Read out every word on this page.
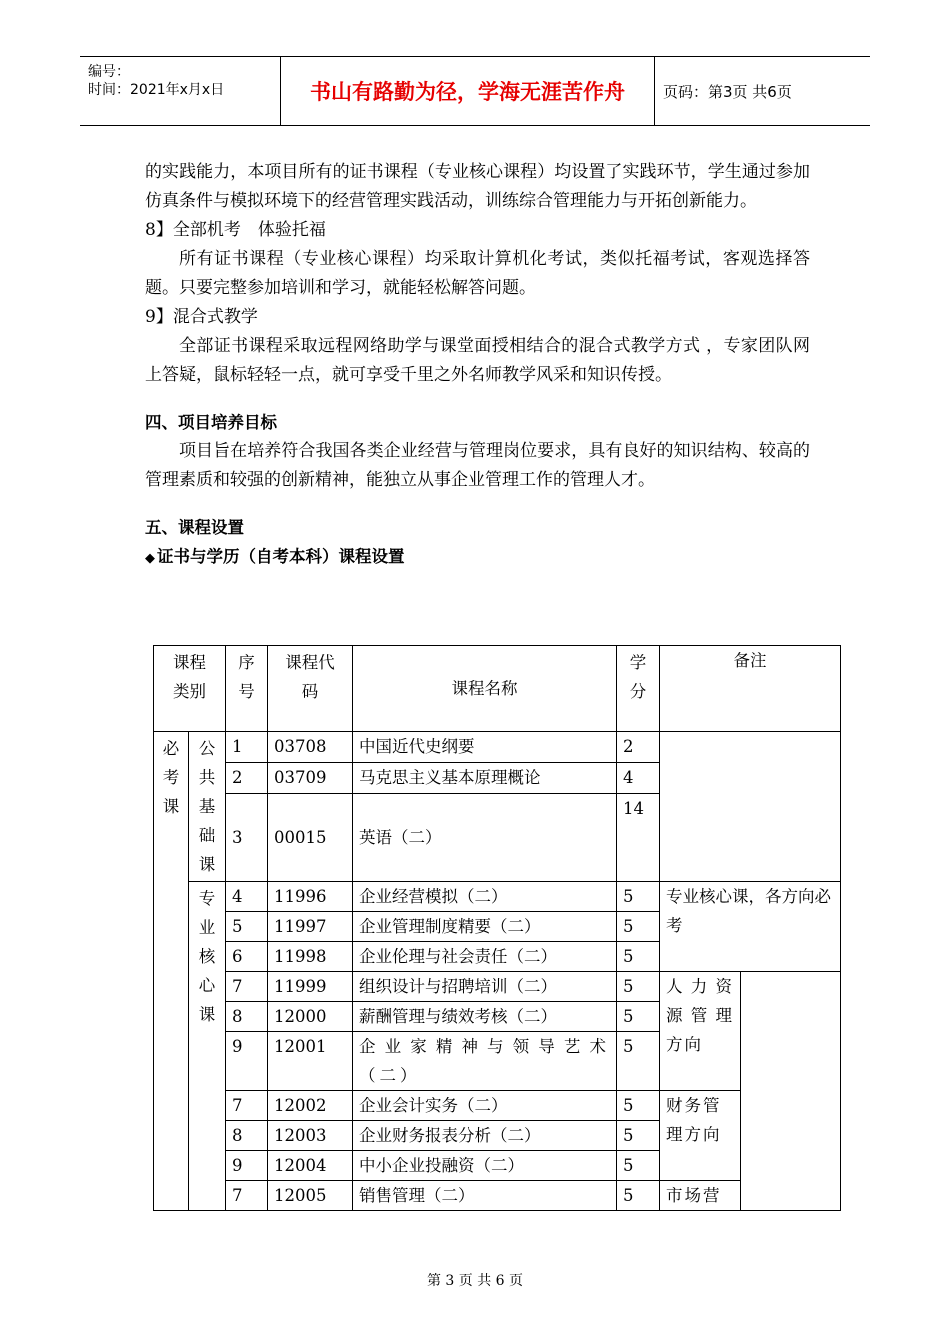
编号：
时间：2021年x月x日	书山有路勤为径，学海无涯苦作舟	页码：第3页 共6页

的实践能力，本项目所有的证书课程（专业核心课程）均设置了实践环节，学生通过参加仿真条件与模拟环境下的经营管理实践活动，训练综合管理能力与开拓创新能力。

8】全部机考　体验托福

所有证书课程（专业核心课程）均采取计算机化考试，类似托福考试，客观选择答题。只要完整参加培训和学习，就能轻松解答问题。

9】混合式教学

全部证书课程采取远程网络助学与课堂面授相结合的混合式教学方式 ，专家团队网上答疑，鼠标轻轻一点，就可享受千里之外名师教学风采和知识传授。

四、项目培养目标

项目旨在培养符合我国各类企业经营与管理岗位要求，具有良好的知识结构、较高的管理素质和较强的创新精神，能独立从事企业管理工作的管理人才。

五、课程设置

◆ 证书与学历（自考本科）课程设置

课程类别		序号	课程代码	课程名称	学分	备注	
必考课	公共基础课	1	03708	中国近代史纲要	2		
		2	03709	马克思主义基本原理概论	4		
		3	00015	英语（二）	14		
	专业核心课	4	11996	企业经营模拟（二）	5	专业核心课，各方向必考	
		5	11997	企业管理制度精要（二）	5		
		6	11998	企业伦理与社会责任（二）	5		
		7	11999	组织设计与招聘培训（二）	5	人力资源管理方向	
		8	12000	薪酬管理与绩效考核（二）	5		
		9	12001	企业家精神与领导艺术（二）	5		
		7	12002	企业会计实务（二）	5	财务管理方向	
		8	12003	企业财务报表分析（二）	5		
		9	12004	中小企业投融资（二）	5		
		7	12005	销售管理（二）	5	市场营	
第 3 页 共 6 页
